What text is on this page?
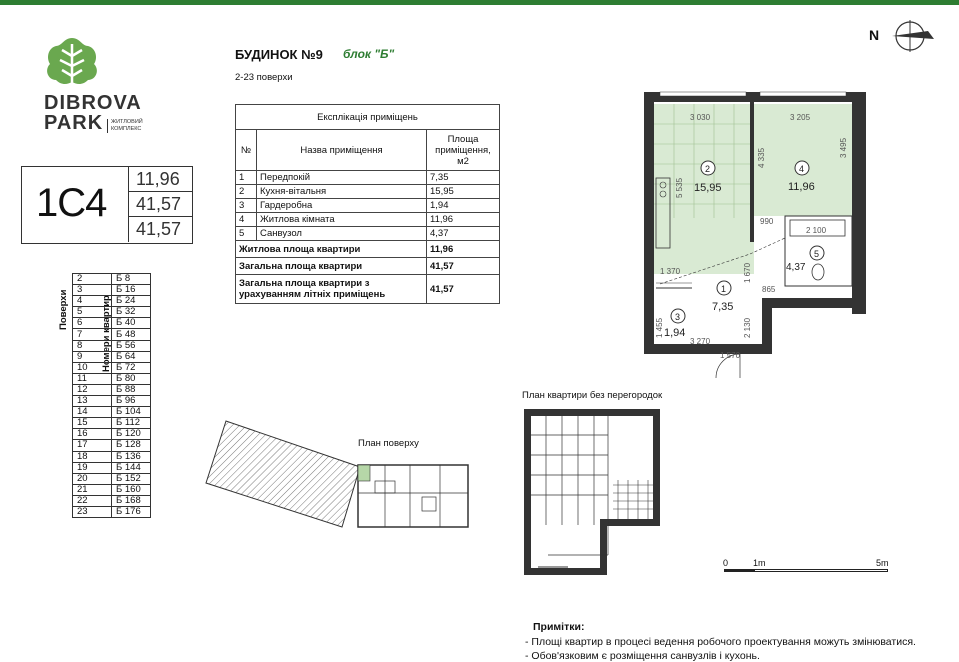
DIBROVA
PARK ЖИТЛОВИЙ
КОМПЛЕКС
1С4
11,96
41,57
41,57
БУДИНОК №9 блок "Б"
2-23 поверхи
Експлікація приміщень		
№	Назва приміщення	Площа
приміщення,
м2

1	Передпокій	7,35
2	Кухня-вітальня	15,95
3	Гардеробна	1,94
4	Житлова кімната	11,96
5	Санвузол	4,37
Житлова площа квартири		11,96
Загальна площа квартири		41,57

Загальна площа квартири з
урахуванням літніх приміщень		41,57
Поверхи	Номери квартир
2	Б 8
3	Б 16
4	Б 24
5	Б 32
6	Б 40
7	Б 48
8	Б 56
9	Б 64
10	Б 72
11	Б 80
12	Б 88
13	Б 96
14	Б 104
15	Б 112
16	Б 120
17	Б 128
18	Б 136
19	Б 144
20	Б 152
21	Б 160
22	Б 168
23	Б 176
3 030	3 205
4 335	3 495
5 535
990
2 100
1 370	1 670
865
1 455	2 130
3 270
1 570
2
15,95
4
11,96
1
7,35
3
1,94
5
4,37
N
План поверху
План квартири без перегородок
0	1m	5m
Примітки:
- Площі квартир в процесі ведення робочого проектування можуть змінюватися.
- Обов'язковим є розміщення санвузлів і кухонь.
